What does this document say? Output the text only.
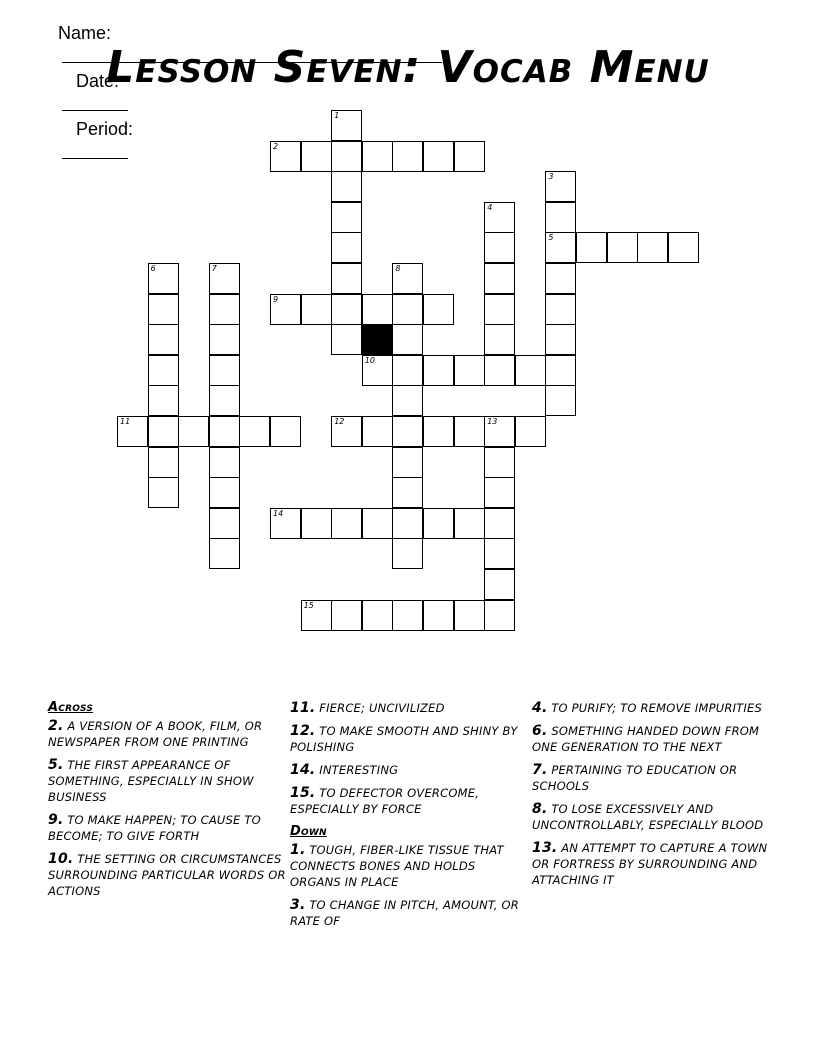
Name:

Date:

Period:

Lesson Seven: Vocab Menu
1
2
3
5
4
13
6	7	8
9
10
11	12
14
15
Across
2. A VERSION OF A BOOK, FILM, OR NEWSPAPER FROM ONE PRINTING
5. THE FIRST APPEARANCE OF SOMETHING, ESPECIALLY IN SHOW BUSINESS
9. TO MAKE HAPPEN; TO CAUSE TO BECOME; TO GIVE FORTH
10. THE SETTING OR CIRCUMSTANCES SURROUNDING PARTICULAR WORDS OR ACTIONS
11. FIERCE; UNCIVILIZED
12. TO MAKE SMOOTH AND SHINY BY POLISHING
14. INTERESTING
15. TO DEFECTOR OVERCOME, ESPECIALLY BY FORCE
Down
1. TOUGH, FIBER-LIKE TISSUE THAT CONNECTS BONES AND HOLDS ORGANS IN PLACE
3. TO CHANGE IN PITCH, AMOUNT, OR RATE OF
4. TO PURIFY; TO REMOVE IMPURITIES
6. SOMETHING HANDED DOWN FROM ONE GENERATION TO THE NEXT
7. PERTAINING TO EDUCATION OR SCHOOLS
8. TO LOSE EXCESSIVELY AND UNCONTROLLABLY, ESPECIALLY BLOOD
13. AN ATTEMPT TO CAPTURE A TOWN OR FORTRESS BY SURROUNDING AND ATTACHING IT
